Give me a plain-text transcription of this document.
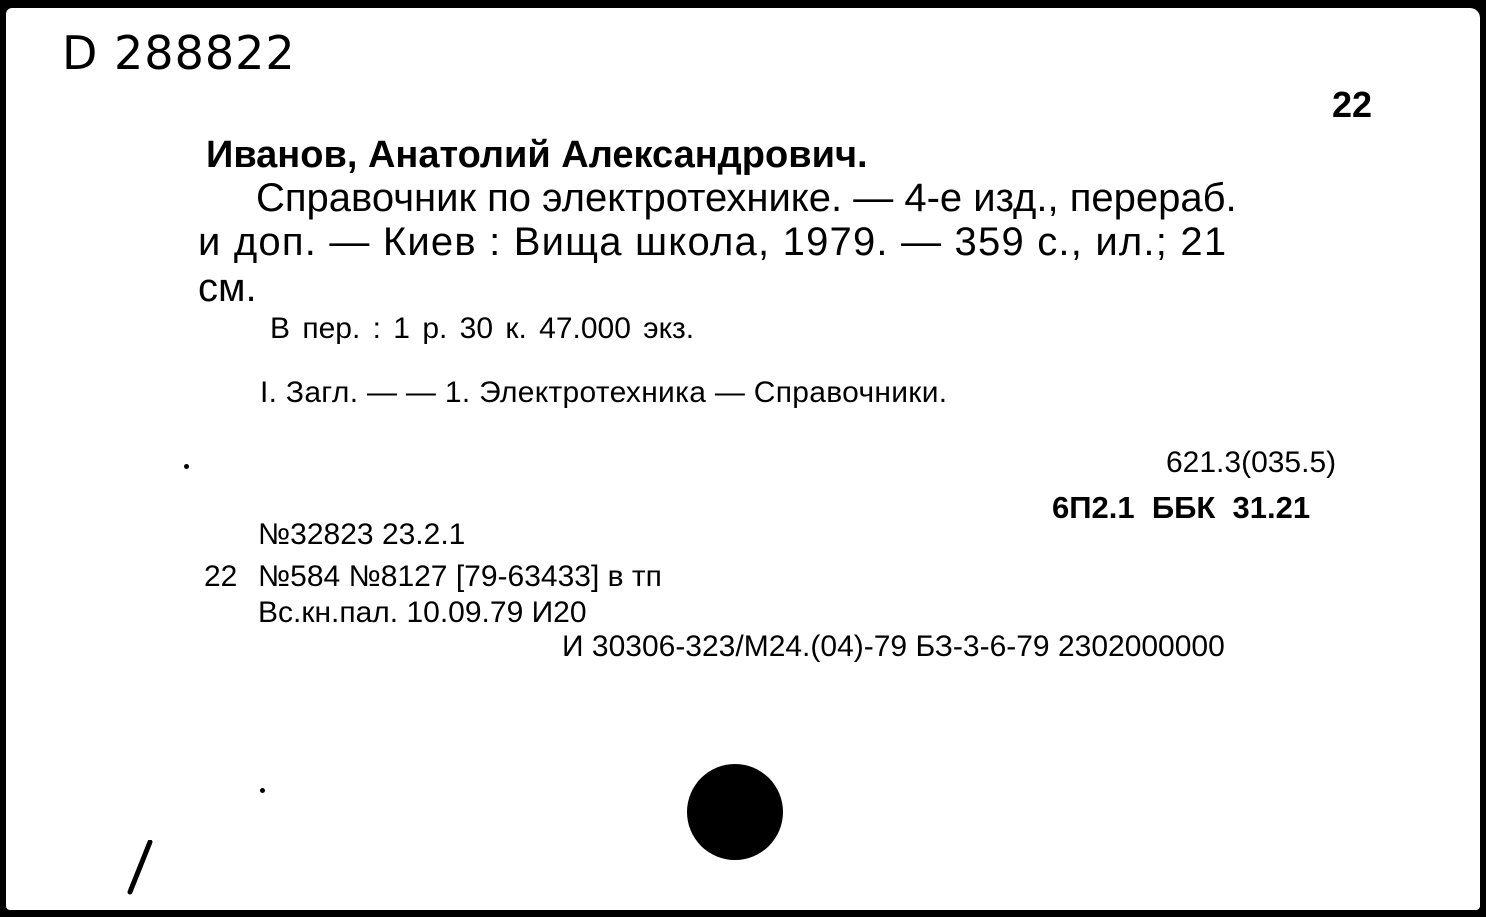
D 288822
22
Иванов, Анатолий Александрович.
Справочник по электротехнике. — 4-е изд., перераб.
и доп. — Киев : Вища школа, 1979. — 359 с., ил.; 21
см.
В пер. : 1 р. 30 к. 47.000 экз.
I. Загл. — — 1. Электротехника — Справочники.
621.3(035.5)
6П2.1  ББК  31.21
№32823 23.2.1
22 №584 №8127 [79-63433] в тп
Вс.кн.пал. 10.09.79 И20
И 30306-323/М24.(04)-79 БЗ-3-6-79 2302000000
